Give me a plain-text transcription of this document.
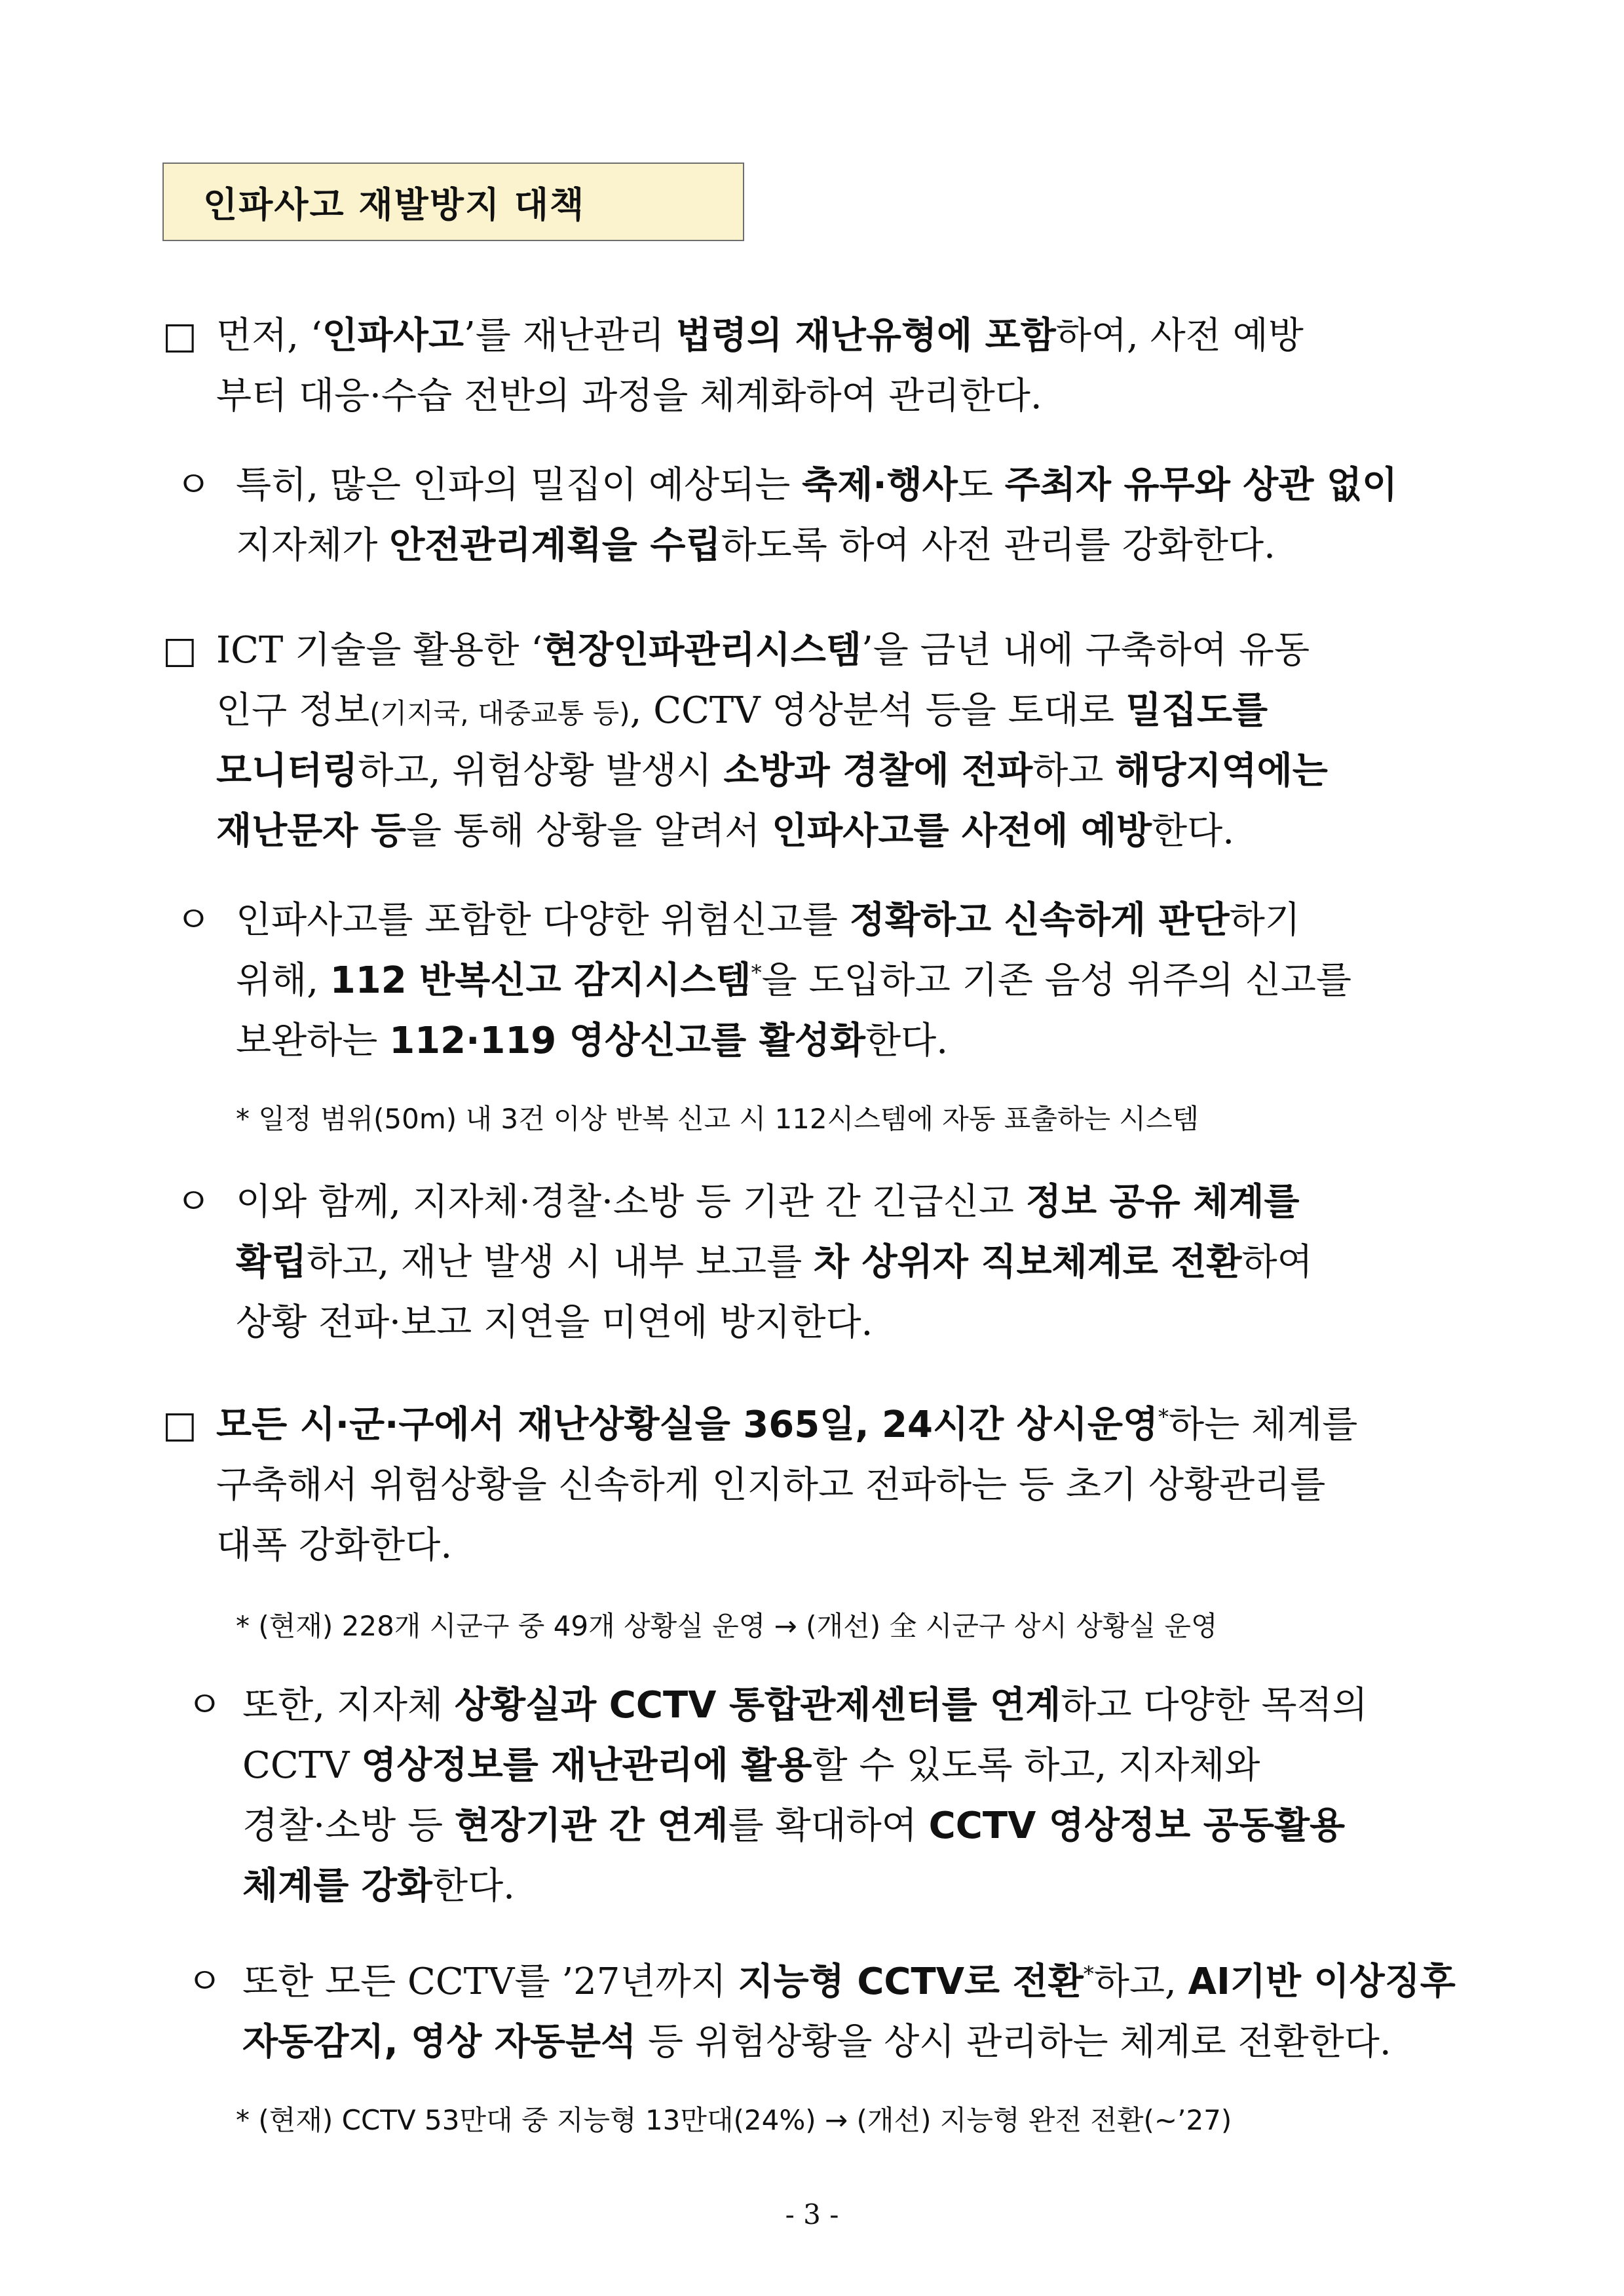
인파사고 재발방지 대책
□ 먼저, ‘인파사고’를 재난관리 법령의 재난유형에 포함하여, 사전 예방
부터 대응·수습 전반의 과정을 체계화하여 관리한다.
ㅇ 특히, 많은 인파의 밀집이 예상되는 축제·행사도 주최자 유무와 상관 없이
지자체가 안전관리계획을 수립하도록 하여 사전 관리를 강화한다.
□ ICT 기술을 활용한 ‘현장인파관리시스템’을 금년 내에 구축하여 유동
인구 정보(기지국, 대중교통 등), CCTV 영상분석 등을 토대로 밀집도를
모니터링하고, 위험상황 발생시 소방과 경찰에 전파하고 해당지역에는
재난문자 등을 통해 상황을 알려서 인파사고를 사전에 예방한다.
ㅇ 인파사고를 포함한 다양한 위험신고를 정확하고 신속하게 판단하기
위해, 112 반복신고 감지시스템*을 도입하고 기존 음성 위주의 신고를
보완하는 112·119 영상신고를 활성화한다.
* 일정 범위(50m) 내 3건 이상 반복 신고 시 112시스템에 자동 표출하는 시스템
ㅇ 이와 함께, 지자체·경찰·소방 등 기관 간 긴급신고 정보 공유 체계를
확립하고, 재난 발생 시 내부 보고를 차 상위자 직보체계로 전환하여
상황 전파·보고 지연을 미연에 방지한다.
□ 모든 시·군·구에서 재난상황실을 365일, 24시간 상시운영*하는 체계를
구축해서 위험상황을 신속하게 인지하고 전파하는 등 초기 상황관리를
대폭 강화한다.
* (현재) 228개 시군구 중 49개 상황실 운영 → (개선) 全 시군구 상시 상황실 운영
ㅇ 또한, 지자체 상황실과 CCTV 통합관제센터를 연계하고 다양한 목적의
CCTV 영상정보를 재난관리에 활용할 수 있도록 하고, 지자체와
경찰·소방 등 현장기관 간 연계를 확대하여 CCTV 영상정보 공동활용
체계를 강화한다.
ㅇ 또한 모든 CCTV를 ’27년까지 지능형 CCTV로 전환*하고, AI기반 이상징후
자동감지, 영상 자동분석 등 위험상황을 상시 관리하는 체계로 전환한다.
* (현재) CCTV 53만대 중 지능형 13만대(24%) → (개선) 지능형 완전 전환(~’27)
- 3 -
